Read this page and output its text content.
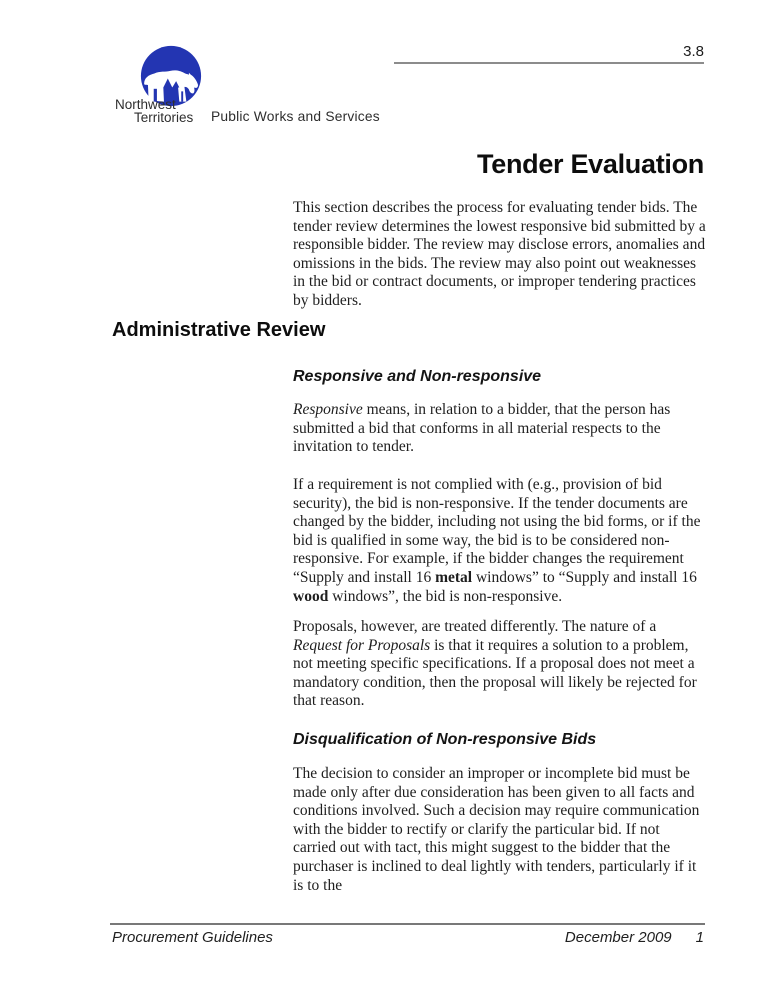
Northwest
Territories Public Works and Services
3.8
Tender Evaluation
This section describes the process for evaluating tender bids. The tender review determines the lowest responsive bid submitted by a responsible bidder. The review may disclose errors, anomalies and omissions in the bids. The review may also point out weaknesses in the bid or contract documents, or improper tendering practices by bidders.
Administrative Review
Responsive and Non-responsive
Responsive means, in relation to a bidder, that the person has submitted a bid that conforms in all material respects to the invitation to tender.
If a requirement is not complied with (e.g., provision of bid security), the bid is non-responsive. If the tender documents are changed by the bidder, including not using the bid forms, or if the bid is qualified in some way, the bid is to be considered non-responsive. For example, if the bidder changes the requirement “Supply and install 16 metal windows” to “Supply and install 16 wood windows”, the bid is non-responsive.
Proposals, however, are treated differently. The nature of a Request for Proposals is that it requires a solution to a problem, not meeting specific specifications. If a proposal does not meet a mandatory condition, then the proposal will likely be rejected for that reason.
Disqualification of Non-responsive Bids
The decision to consider an improper or incomplete bid must be made only after due consideration has been given to all facts and conditions involved. Such a decision may require communication with the bidder to rectify or clarify the particular bid. If not carried out with tact, this might suggest to the bidder that the purchaser is inclined to deal lightly with tenders, particularly if it is to the
Procurement Guidelines	December 2009 1
